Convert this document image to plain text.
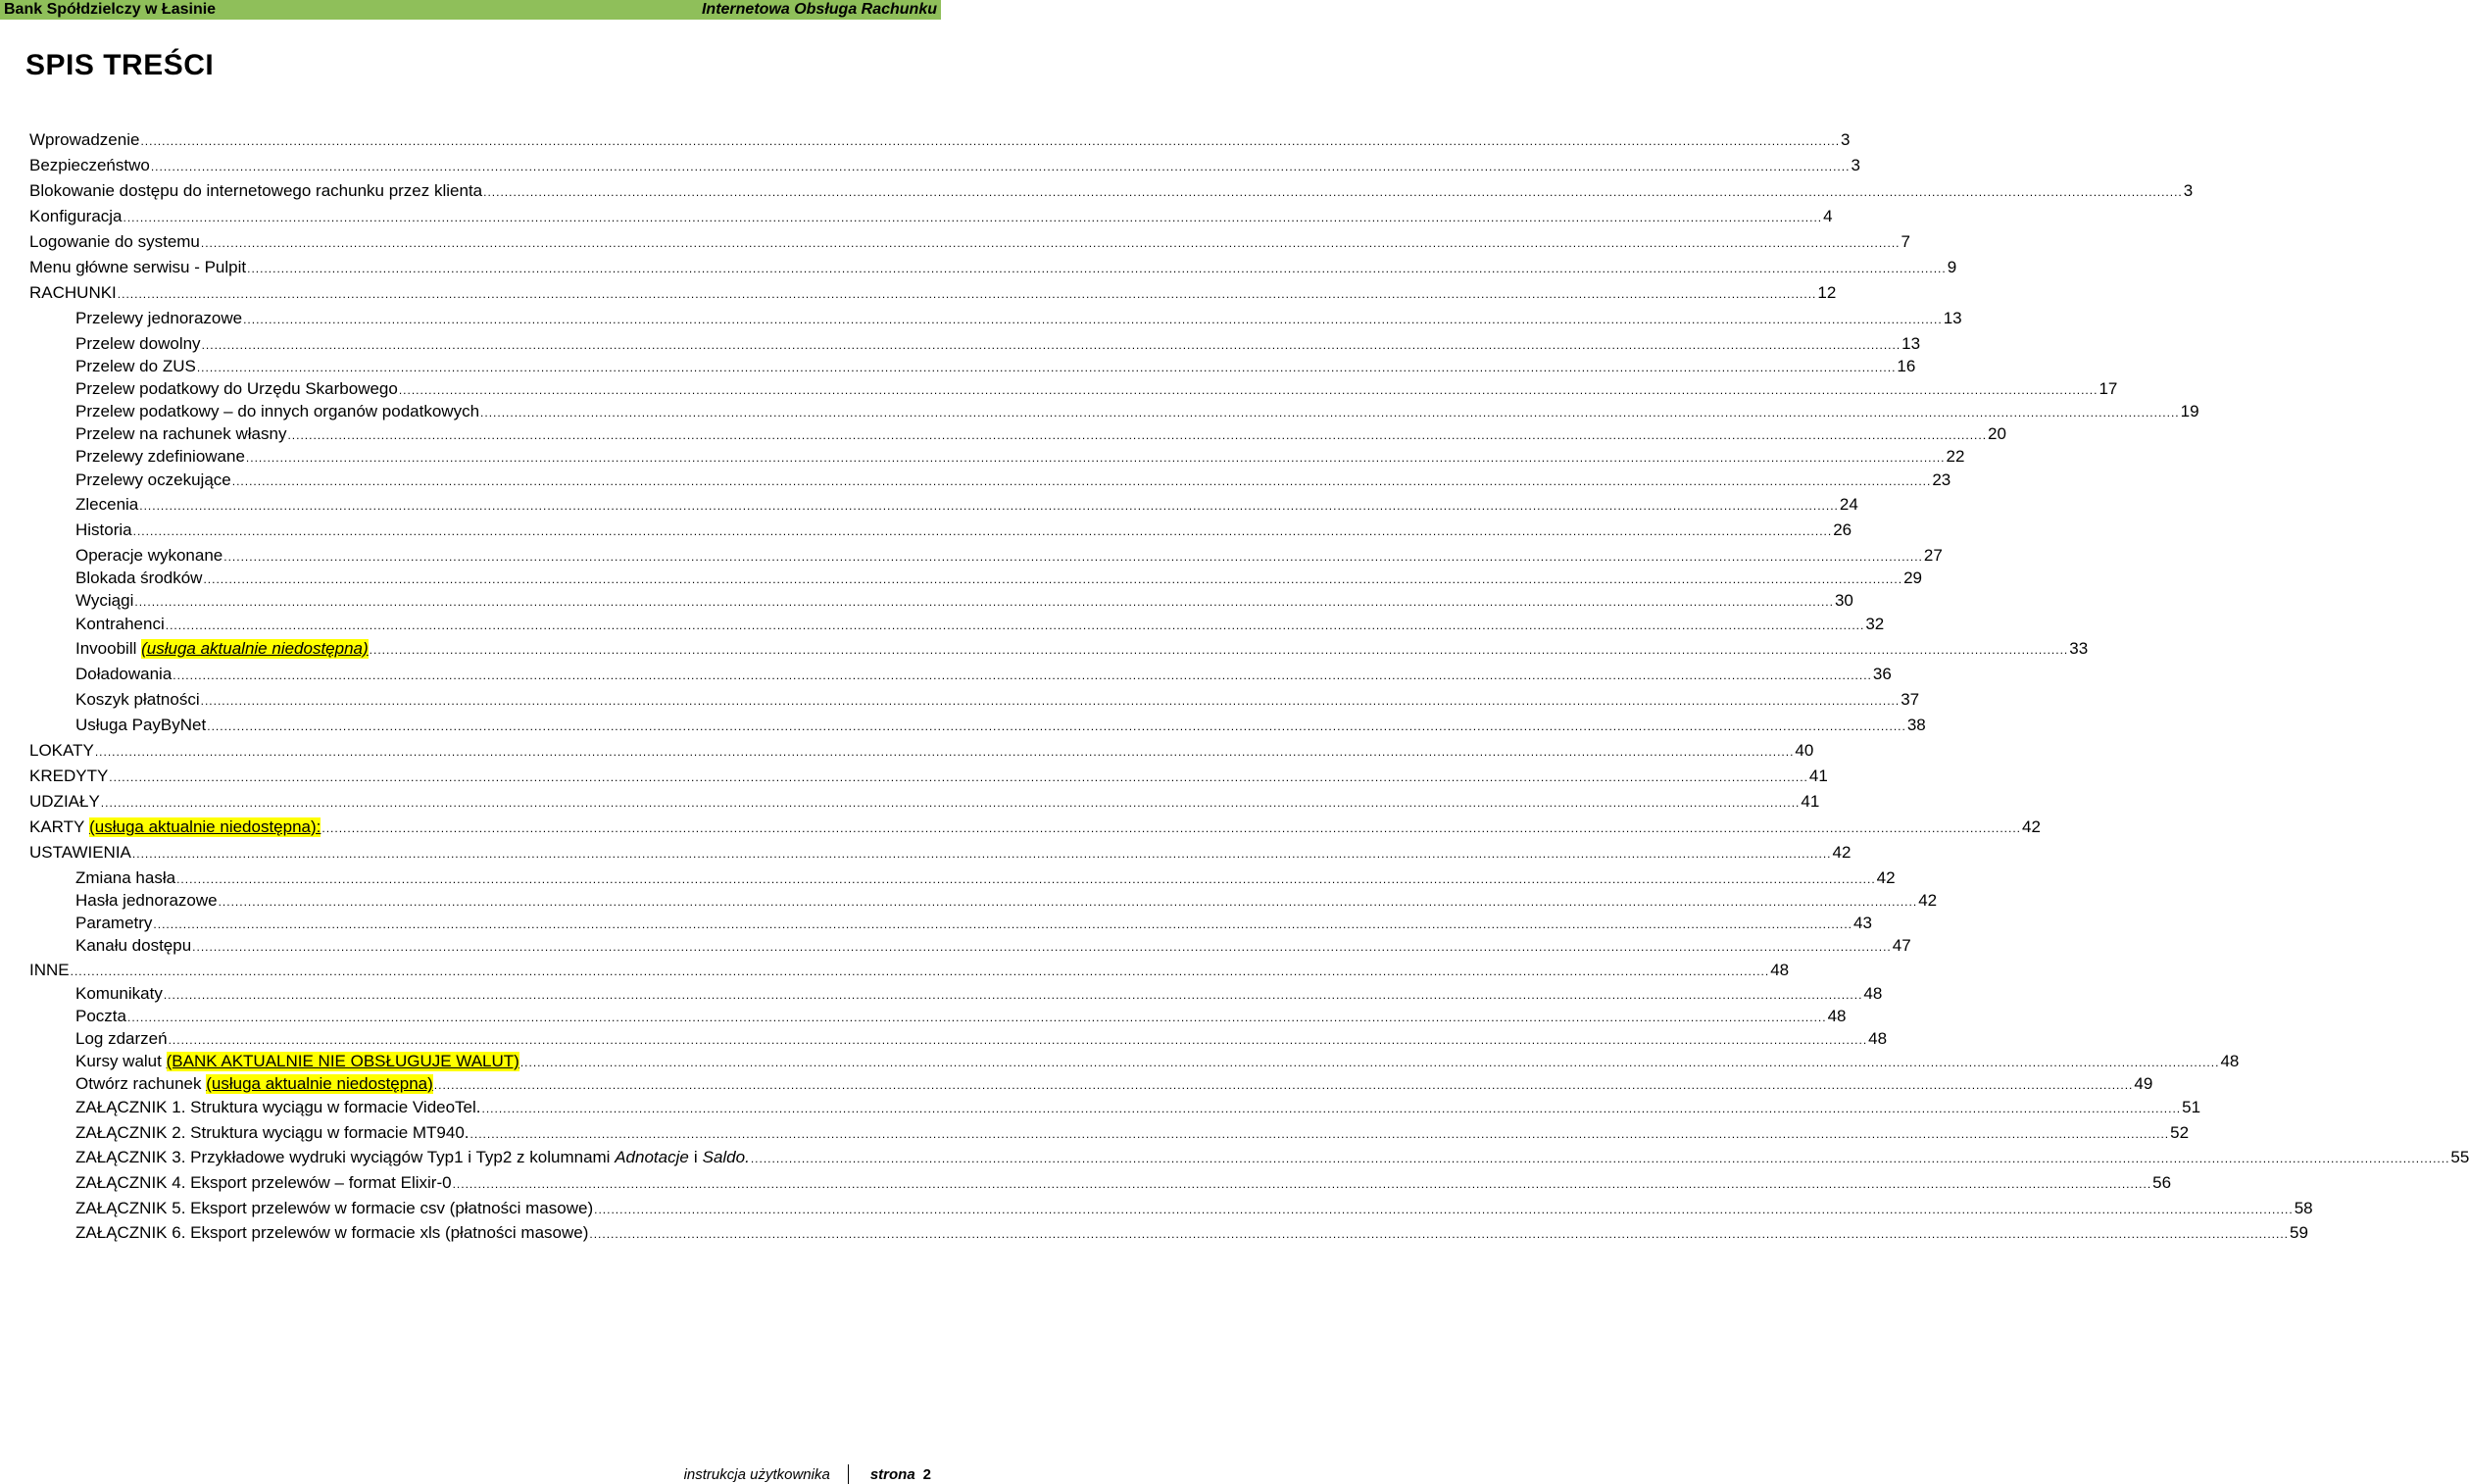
Bank Spółdzielczy w Łasinie	Internetowa Obsługa Rachunku
SPIS TREŚCI
Wprowadzenie ................................................................................................................................................................................................................................................................................................................................................................................................................ 3
Bezpieczeństwo ................................................................................................................................................................................................................................................................................................................................................................................................................ 3
Blokowanie dostępu do internetowego rachunku przez klienta ................................................................................................................................................................................................................................................................................................................................................................................................................ 3
Konfiguracja ................................................................................................................................................................................................................................................................................................................................................................................................................ 4
Logowanie do systemu ................................................................................................................................................................................................................................................................................................................................................................................................................ 7
Menu główne serwisu - Pulpit ................................................................................................................................................................................................................................................................................................................................................................................................................ 9
RACHUNKI ................................................................................................................................................................................................................................................................................................................................................................................................................ 12
Przelewy jednorazowe ................................................................................................................................................................................................................................................................................................................................................................................................................ 13
Przelew dowolny ................................................................................................................................................................................................................................................................................................................................................................................................................ 13
Przelew do ZUS ................................................................................................................................................................................................................................................................................................................................................................................................................ 16
Przelew podatkowy do Urzędu Skarbowego ................................................................................................................................................................................................................................................................................................................................................................................................................ 17
Przelew podatkowy – do innych organów podatkowych ................................................................................................................................................................................................................................................................................................................................................................................................................ 19
Przelew na rachunek własny ................................................................................................................................................................................................................................................................................................................................................................................................................ 20
Przelewy zdefiniowane ................................................................................................................................................................................................................................................................................................................................................................................................................ 22
Przelewy oczekujące ................................................................................................................................................................................................................................................................................................................................................................................................................ 23
Zlecenia ................................................................................................................................................................................................................................................................................................................................................................................................................ 24
Historia ................................................................................................................................................................................................................................................................................................................................................................................................................ 26
Operacje wykonane ................................................................................................................................................................................................................................................................................................................................................................................................................ 27
Blokada środków ................................................................................................................................................................................................................................................................................................................................................................................................................ 29
Wyciągi ................................................................................................................................................................................................................................................................................................................................................................................................................ 30
Kontrahenci ................................................................................................................................................................................................................................................................................................................................................................................................................ 32
Invoobill
(usługa aktualnie niedostępna) ................................................................................................................................................................................................................................................................................................................................................................................................................ 33
Doładowania ................................................................................................................................................................................................................................................................................................................................................................................................................ 36
Koszyk płatności ................................................................................................................................................................................................................................................................................................................................................................................................................ 37
Usługa PayByNet ................................................................................................................................................................................................................................................................................................................................................................................................................ 38
LOKATY ................................................................................................................................................................................................................................................................................................................................................................................................................ 40
KREDYTY ................................................................................................................................................................................................................................................................................................................................................................................................................ 41
UDZIAŁY ................................................................................................................................................................................................................................................................................................................................................................................................................ 41
KARTY
(usługa aktualnie niedostępna): ................................................................................................................................................................................................................................................................................................................................................................................................................ 42
USTAWIENIA ................................................................................................................................................................................................................................................................................................................................................................................................................ 42
Zmiana hasła ................................................................................................................................................................................................................................................................................................................................................................................................................ 42
Hasła jednorazowe ................................................................................................................................................................................................................................................................................................................................................................................................................ 42
Parametry ................................................................................................................................................................................................................................................................................................................................................................................................................ 43
Kanału dostępu ................................................................................................................................................................................................................................................................................................................................................................................................................ 47
INNE ................................................................................................................................................................................................................................................................................................................................................................................................................ 48
Komunikaty ................................................................................................................................................................................................................................................................................................................................................................................................................ 48
Poczta ................................................................................................................................................................................................................................................................................................................................................................................................................ 48
Log zdarzeń ................................................................................................................................................................................................................................................................................................................................................................................................................ 48
Kursy walut
(BANK AKTUALNIE NIE OBSŁUGUJE WALUT) ................................................................................................................................................................................................................................................................................................................................................................................................................ 48
Otwórz rachunek
(usługa aktualnie niedostępna) ................................................................................................................................................................................................................................................................................................................................................................................................................ 49
ZAŁĄCZNIK 1. Struktura wyciągu w formacie VideoTel. ................................................................................................................................................................................................................................................................................................................................................................................................................ 51
ZAŁĄCZNIK 2. Struktura wyciągu w formacie MT940. ................................................................................................................................................................................................................................................................................................................................................................................................................ 52
ZAŁĄCZNIK 3. Przykładowe wydruki wyciągów Typ1 i Typ2 z kolumnami
Adnotacje i Saldo. ................................................................................................................................................................................................................................................................................................................................................................................................................ 55
ZAŁĄCZNIK 4. Eksport przelewów – format Elixir-0 ................................................................................................................................................................................................................................................................................................................................................................................................................ 56
ZAŁĄCZNIK 5. Eksport przelewów w formacie csv (płatności masowe) ................................................................................................................................................................................................................................................................................................................................................................................................................ 58
ZAŁĄCZNIK 6. Eksport przelewów w formacie xls (płatności masowe) ................................................................................................................................................................................................................................................................................................................................................................................................................ 59
instrukcja użytkownika	strona 2
